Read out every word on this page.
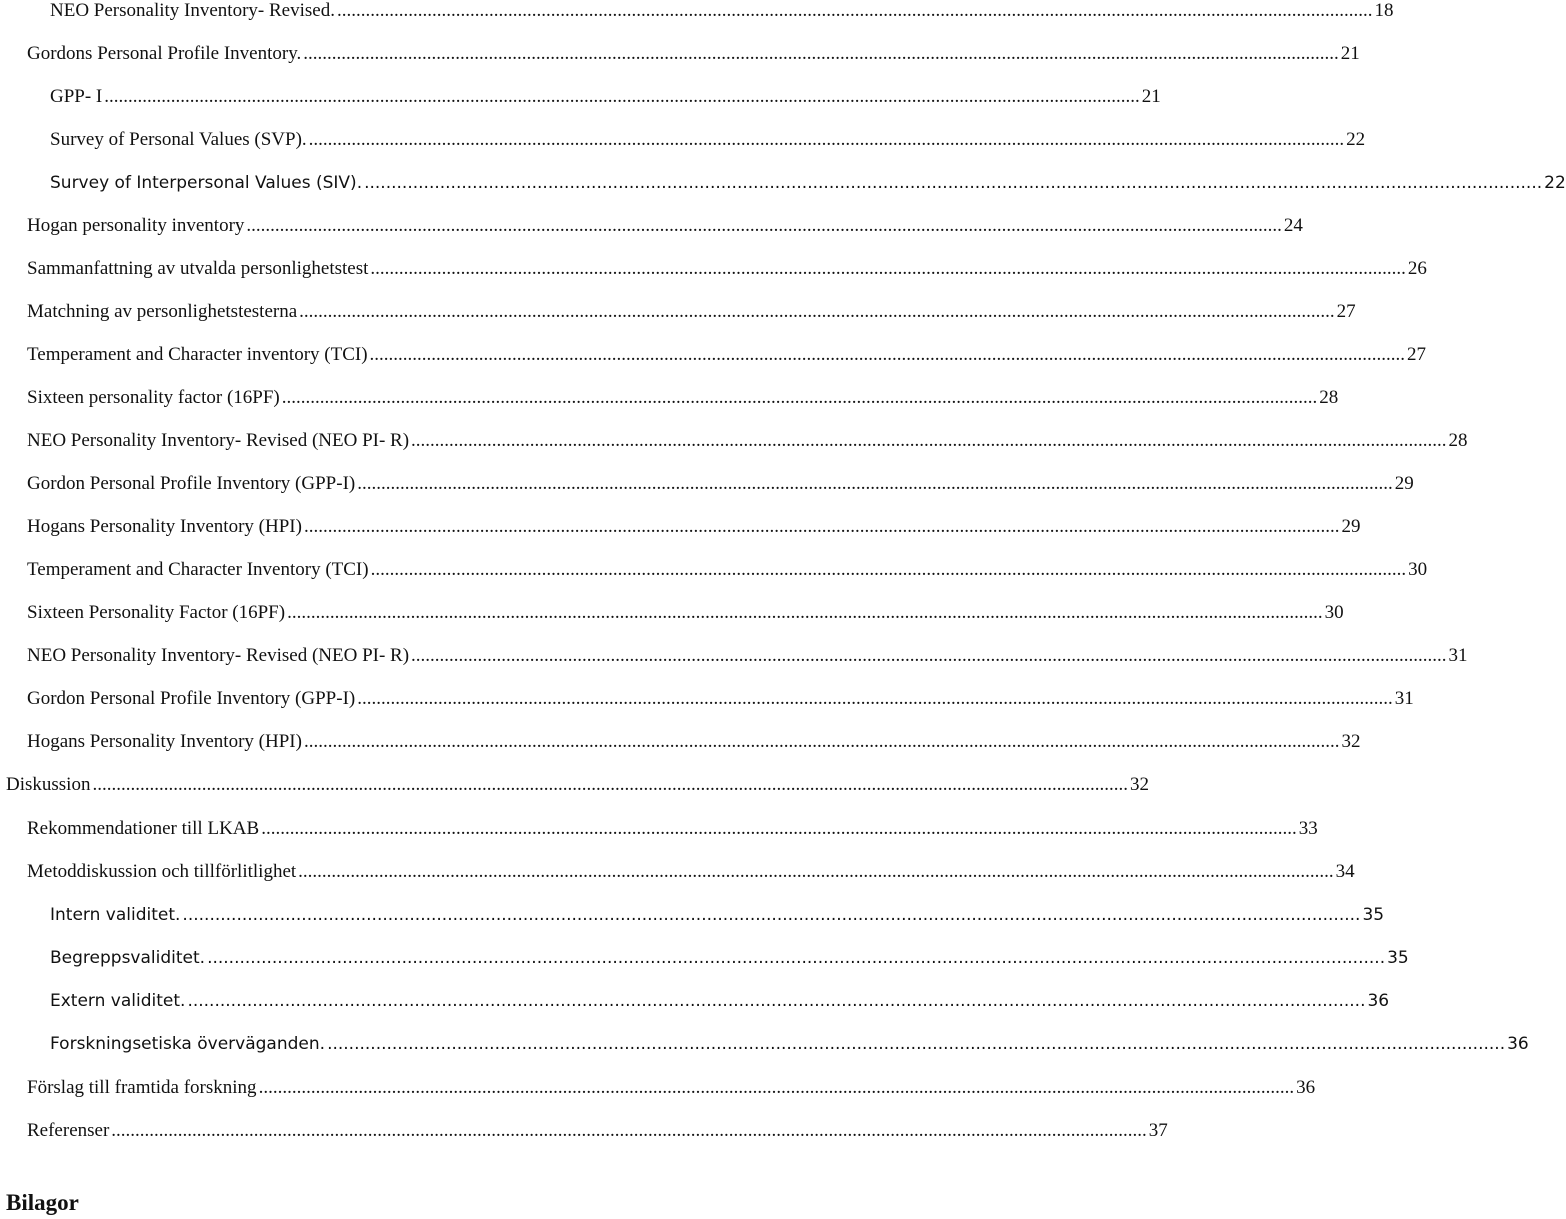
NEO Personality Inventory- Revised. .......................................................................................................................................................................................................................... 18
Gordons Personal Profile Inventory. .......................................................................................................................................................................................................................... 21
GPP- I .......................................................................................................................................................................................................................... 21
Survey of Personal Values (SVP). .......................................................................................................................................................................................................................... 22
Survey of Interpersonal Values (SIV). .......................................................................................................................................................................................................................... 22
Hogan personality inventory .......................................................................................................................................................................................................................... 24
Sammanfattning av utvalda personlighetstest .......................................................................................................................................................................................................................... 26
Matchning av personlighetstesterna .......................................................................................................................................................................................................................... 27
Temperament and Character inventory (TCI) .......................................................................................................................................................................................................................... 27
Sixteen personality factor (16PF) .......................................................................................................................................................................................................................... 28
NEO Personality Inventory- Revised (NEO PI- R) .......................................................................................................................................................................................................................... 28
Gordon Personal Profile Inventory (GPP-I) .......................................................................................................................................................................................................................... 29
Hogans Personality Inventory (HPI) .......................................................................................................................................................................................................................... 29
Temperament and Character Inventory (TCI) .......................................................................................................................................................................................................................... 30
Sixteen Personality Factor (16PF) .......................................................................................................................................................................................................................... 30
NEO Personality Inventory- Revised (NEO PI- R) .......................................................................................................................................................................................................................... 31
Gordon Personal Profile Inventory (GPP-I) .......................................................................................................................................................................................................................... 31
Hogans Personality Inventory (HPI) .......................................................................................................................................................................................................................... 32
Diskussion .......................................................................................................................................................................................................................... 32
Rekommendationer till LKAB .......................................................................................................................................................................................................................... 33
Metoddiskussion och tillförlitlighet .......................................................................................................................................................................................................................... 34
Intern validitet. .......................................................................................................................................................................................................................... 35
Begreppsvaliditet. .......................................................................................................................................................................................................................... 35
Extern validitet. .......................................................................................................................................................................................................................... 36
Forskningsetiska överväganden. .......................................................................................................................................................................................................................... 36
Förslag till framtida forskning .......................................................................................................................................................................................................................... 36
Referenser .......................................................................................................................................................................................................................... 37
Bilagor
